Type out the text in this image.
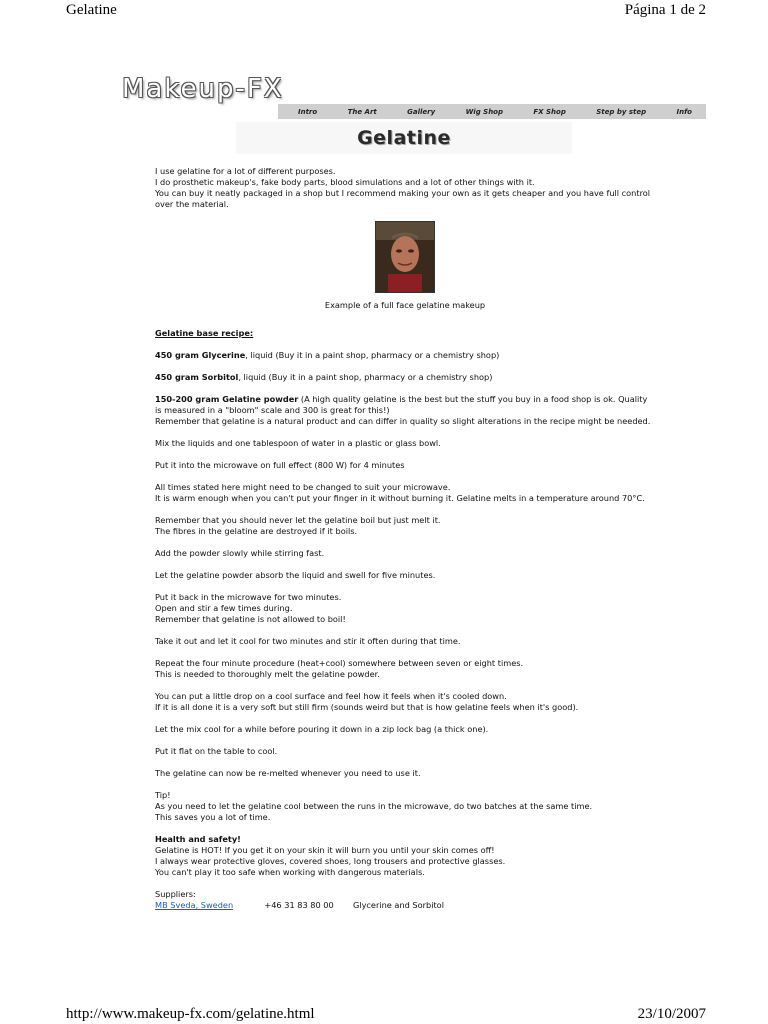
Gelatine	Página 1 de 2
Makeup-FX
Intro	The Art	Gallery	Wig Shop	FX Shop	Step by step	Info
Gelatine

I use gelatine for a lot of different purposes.
I do prosthetic makeup's, fake body parts, blood simulations and a lot of other things with it.
You can buy it neatly packaged in a shop but I recommend making your own as it gets cheaper and you have full control over the material.

Example of a full face gelatine makeup

Gelatine base recipe:

450 gram Glycerine, liquid (Buy it in a paint shop, pharmacy or a chemistry shop)

450 gram Sorbitol, liquid (Buy it in a paint shop, pharmacy or a chemistry shop)

150-200 gram Gelatine powder (A high quality gelatine is the best but the stuff you buy in a food shop is ok. Quality is measured in a "bloom" scale and 300 is great for this!)
Remember that gelatine is a natural product and can differ in quality so slight alterations in the recipe might be needed.

Mix the liquids and one tablespoon of water in a plastic or glass bowl.

Put it into the microwave on full effect (800 W) for 4 minutes

All times stated here might need to be changed to suit your microwave.
It is warm enough when you can't put your finger in it without burning it. Gelatine melts in a temperature around 70°C.

Remember that you should never let the gelatine boil but just melt it.
The fibres in the gelatine are destroyed if it boils.

Add the powder slowly while stirring fast.

Let the gelatine powder absorb the liquid and swell for five minutes.

Put it back in the microwave for two minutes.
Open and stir a few times during.
Remember that gelatine is not allowed to boil!

Take it out and let it cool for two minutes and stir it often during that time.

Repeat the four minute procedure (heat+cool) somewhere between seven or eight times.
This is needed to thoroughly melt the gelatine powder.

You can put a little drop on a cool surface and feel how it feels when it's cooled down.
If it is all done it is a very soft but still firm (sounds weird but that is how gelatine feels when it's good).

Let the mix cool for a while before pouring it down in a zip lock bag (a thick one).

Put it flat on the table to cool.

The gelatine can now be re-melted whenever you need to use it.

Tip!
As you need to let the gelatine cool between the runs in the microwave, do two batches at the same time.
This saves you a lot of time.

Health and safety!
Gelatine is HOT! If you get it on your skin it will burn you until your skin comes off!
I always wear protective gloves, covered shoes, long trousers and protective glasses.
You can't play it too safe when working with dangerous materials.

Suppliers:
MB Sveda, Sweden	+46 31 83 80 00 Glycerine and Sorbitol
http://www.makeup-fx.com/gelatine.html	23/10/2007
